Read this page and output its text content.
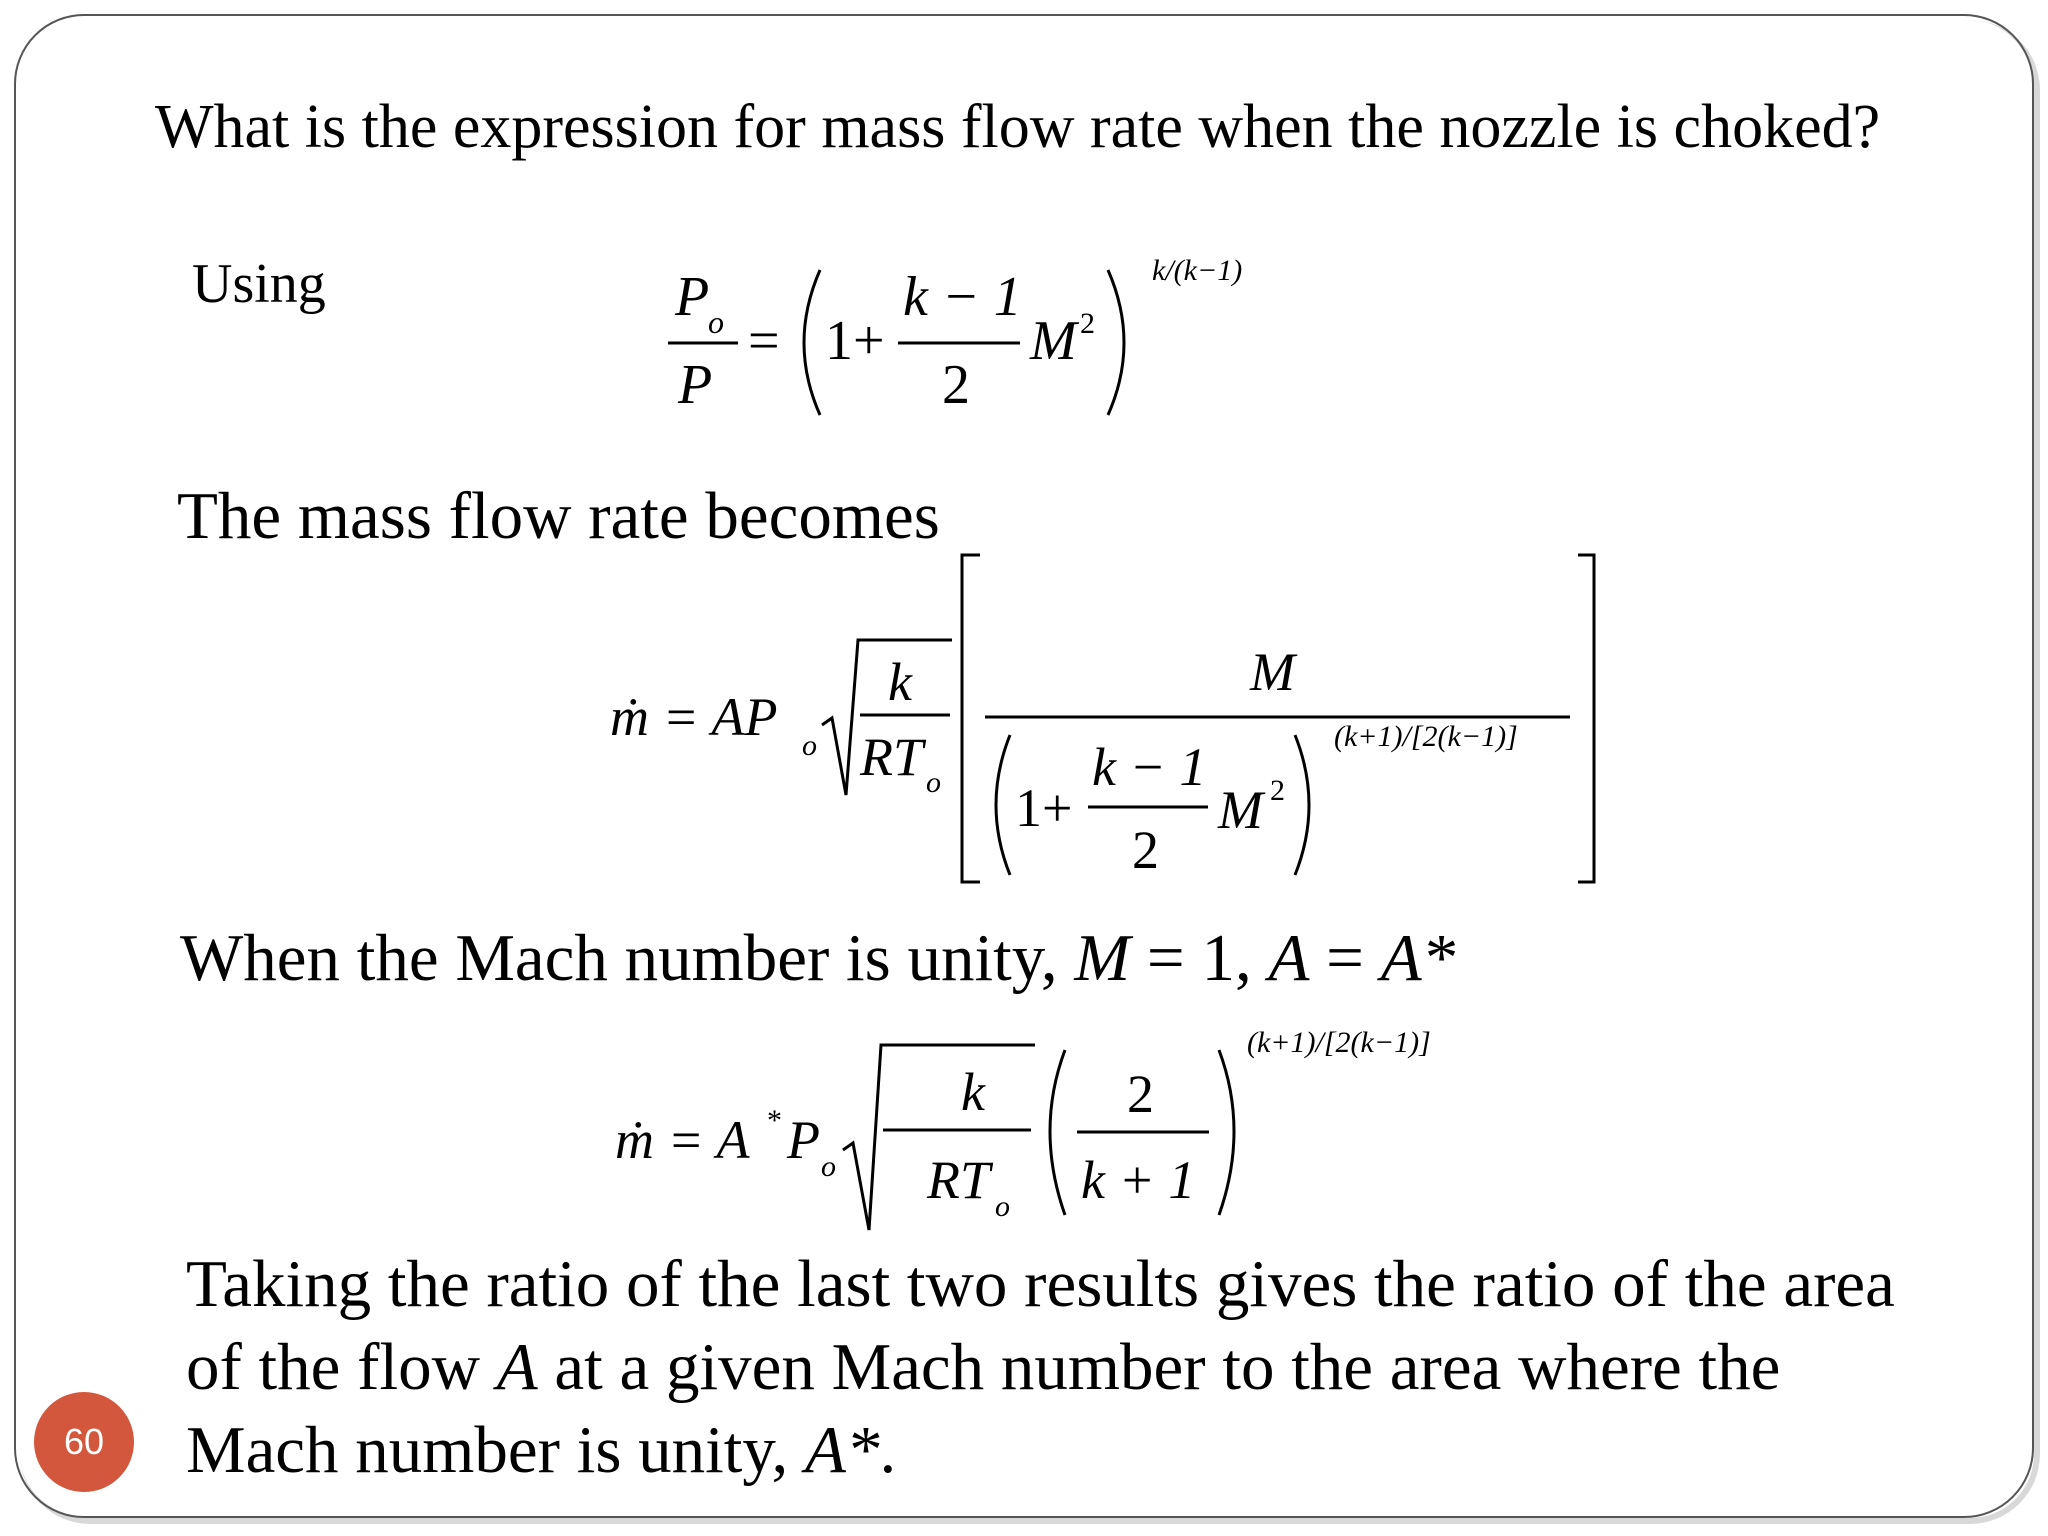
What is the expression for mass flow rate when the nozzle is choked?
Using	P
o
P
= 1+
k − 1
2
M 2
k/(k−1)
The mass flow rate becomes
ṁ = AP o
k
RT o
M
1+
k − 1
2
M 2
(k+1)/[2(k−1)]
When the Mach number is unity, M = 1, A = A*
ṁ = A * P o
k
RT o
2
k + 1
(k+1)/[2(k−1)]
Taking the ratio of the last two results gives the ratio of the area
of the flow A at a given Mach number to the area where the
Mach number is unity, A*.
60
